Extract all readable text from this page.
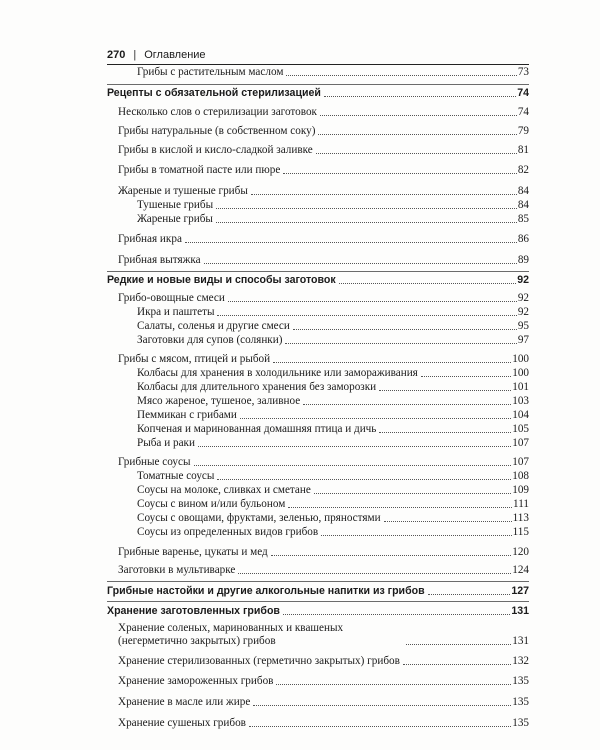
270 | Оглавление
Грибы с растительным маслом	73
Рецепты с обязательной стерилизацией	74
Несколько слов о стерилизации заготовок	74
Грибы натуральные (в собственном соку)	79
Грибы в кислой и кисло-сладкой заливке	81
Грибы в томатной пасте или пюре	82
Жареные и тушеные грибы	84
Тушеные грибы	84
Жареные грибы	85
Грибная икра	86
Грибная вытяжка	89
Редкие и новые виды и способы заготовок	92
Грибо-овощные смеси	92
Икра и паштеты	92
Салаты, соленья и другие смеси	95
Заготовки для супов (солянки)	97
Грибы с мясом, птицей и рыбой	100
Колбасы для хранения в холодильнике или замораживания	100
Колбасы для длительного хранения без заморозки	101
Мясо жареное, тушеное, заливное	103
Пеммикан с грибами	104
Копченая и маринованная домашняя птица и дичь	105
Рыба и раки	107
Грибные соусы	107
Томатные соусы	108
Соусы на молоке, сливках и сметане	109
Соусы с вином и/или бульоном	111
Соусы с овощами, фруктами, зеленью, пряностями	113
Соусы из определенных видов грибов	115
Грибные варенье, цукаты и мед	120
Заготовки в мультиварке	124
Грибные настойки и другие алкогольные напитки из грибов	127
Хранение заготовленных грибов	131
Хранение соленых, маринованных и квашеных (негерметично закрытых) грибов	131
Хранение стерилизованных (герметично закрытых) грибов	132
Хранение замороженных грибов	135
Хранение в масле или жире	135
Хранение сушеных грибов	135
